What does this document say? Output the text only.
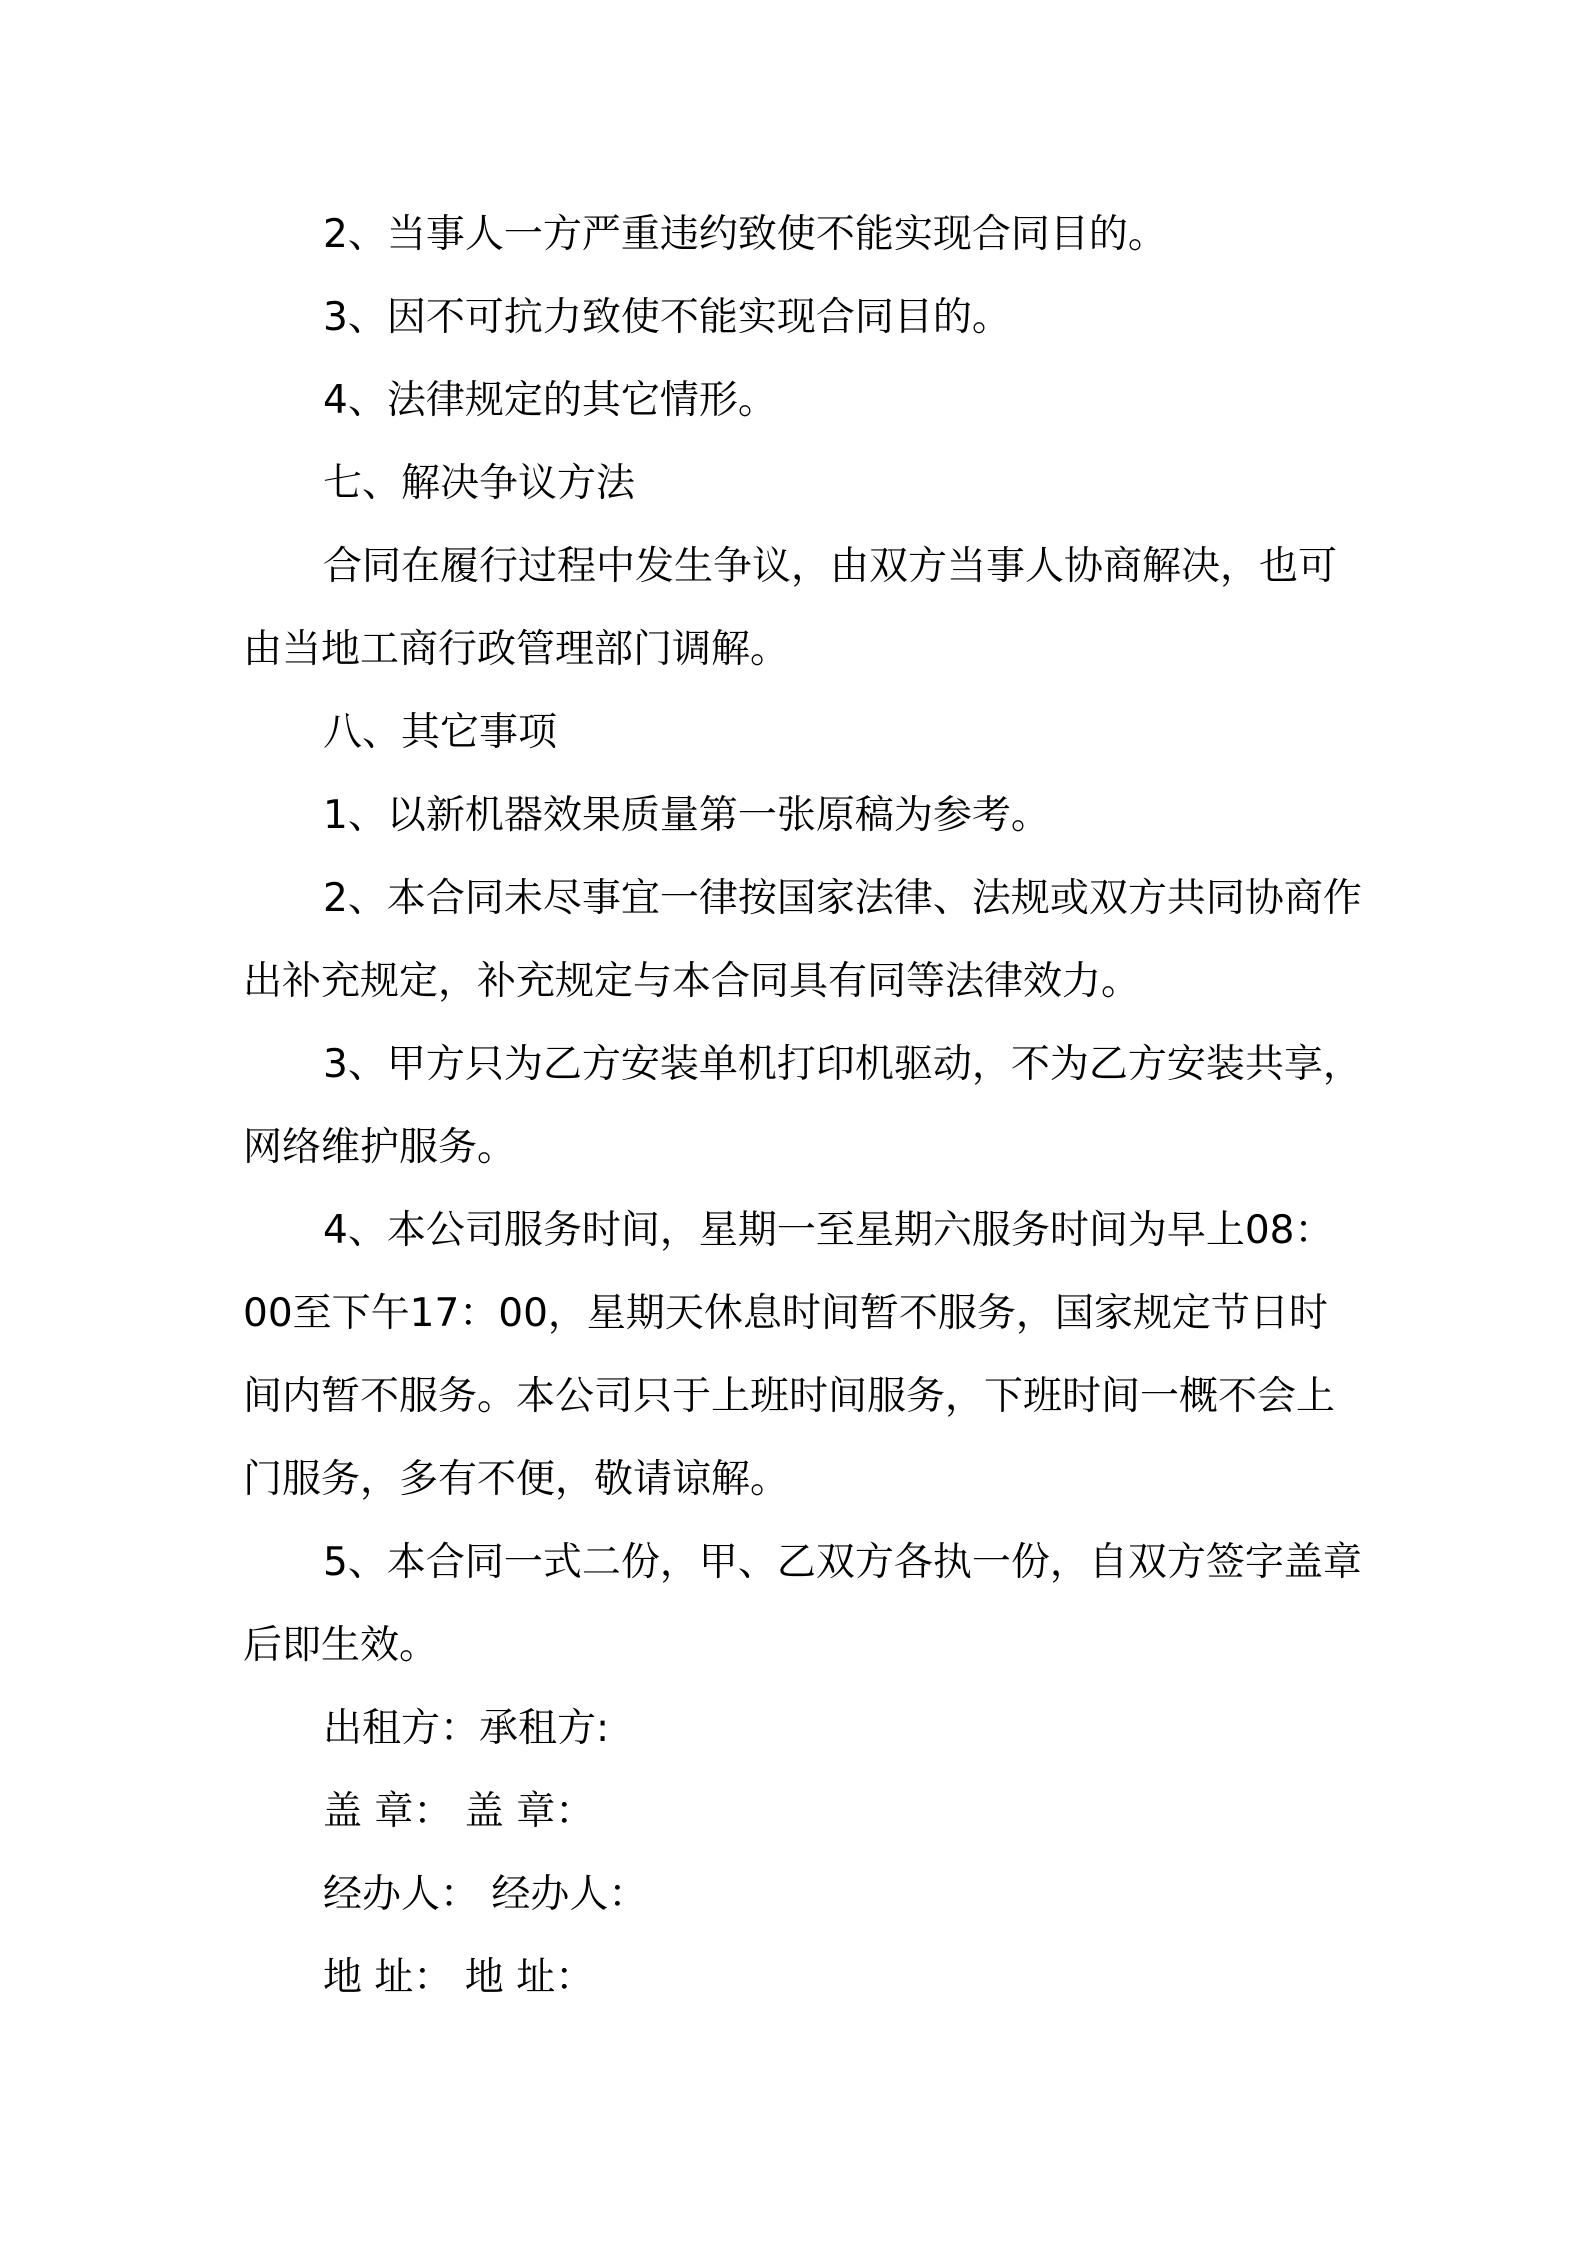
2、当事人一方严重违约致使不能实现合同目的。

3、因不可抗力致使不能实现合同目的。

4、法律规定的其它情形。

七、解决争议方法

合同在履行过程中发生争议，由双方当事人协商解决，也可由当地工商行政管理部门调解。

八、其它事项

1、以新机器效果质量第一张原稿为参考。

2、本合同未尽事宜一律按国家法律、法规或双方共同协商作出补充规定，补充规定与本合同具有同等法律效力。

3、甲方只为乙方安装单机打印机驱动，不为乙方安装共享，网络维护服务。

4、本公司服务时间，星期一至星期六服务时间为早上08：00至下午17：00，星期天休息时间暂不服务，国家规定节日时间内暂不服务。本公司只于上班时间服务，下班时间一概不会上门服务，多有不便，敬请谅解。

5、本合同一式二份，甲、乙双方各执一份，自双方签字盖章后即生效。

出租方：承租方:

盖 章： 盖 章：

经办人： 经办人：

地 址： 地 址：
